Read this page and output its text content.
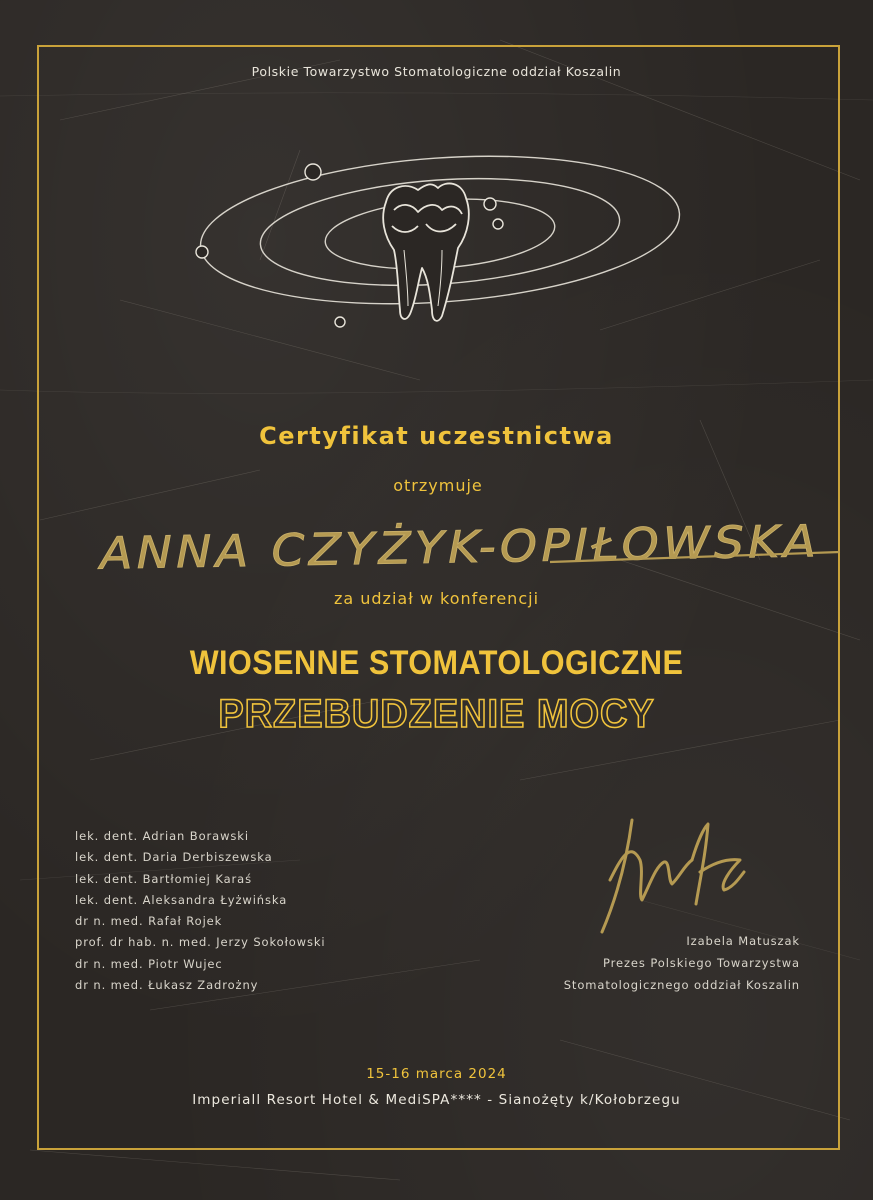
Polskie Towarzystwo Stomatologiczne oddział Koszalin
Certyfikat uczestnictwa
otrzymuje
ANNA CZYŻYK-OPIŁOWSKA
za udział w konferencji
WIOSENNE STOMATOLOGICZNE
PRZEBUDZENIE MOCY
lek. dent. Adrian Borawski
lek. dent. Daria Derbiszewska
lek. dent. Bartłomiej Karaś
lek. dent. Aleksandra Łyżwińska
dr n. med. Rafał Rojek
prof. dr hab. n. med. Jerzy Sokołowski
dr n. med. Piotr Wujec
dr n. med. Łukasz Zadrożny
Izabela Matuszak
Prezes Polskiego Towarzystwa
Stomatologicznego oddział Koszalin
15-16 marca 2024
Imperiall Resort Hotel & MediSPA**** - Sianożęty k/Kołobrzegu
